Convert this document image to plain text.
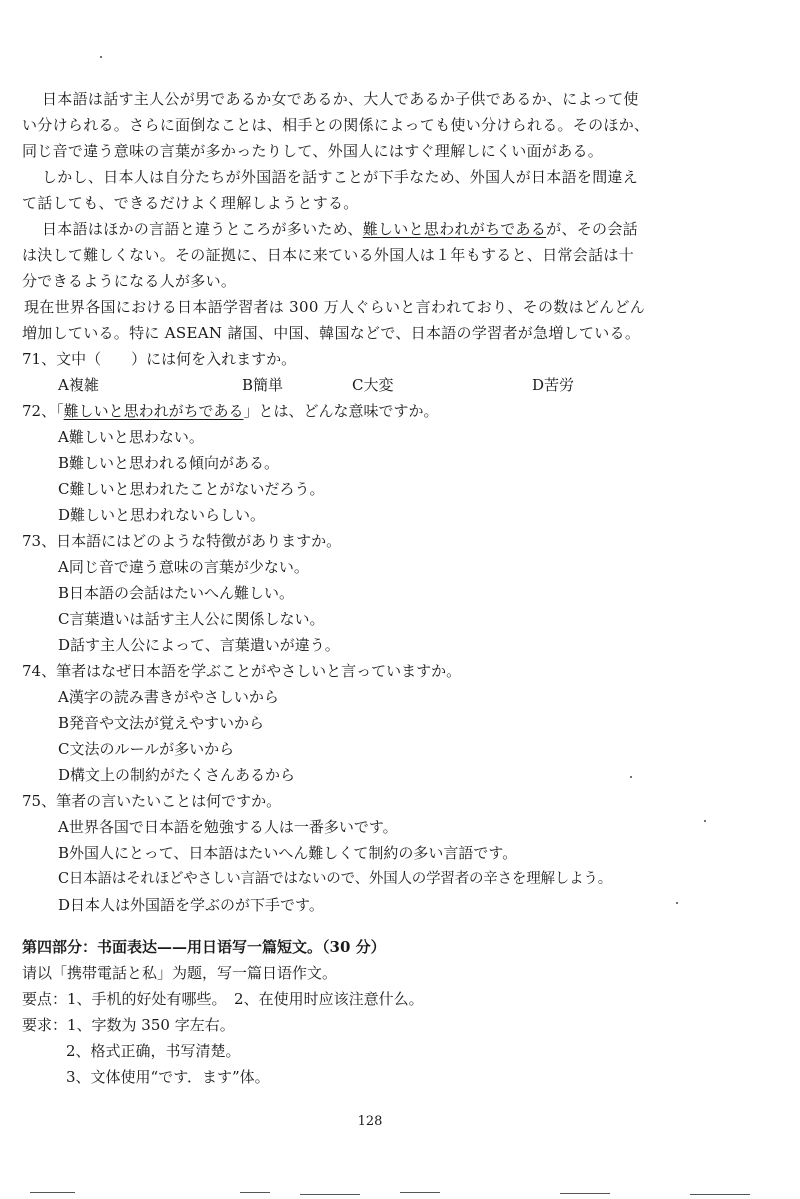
日本語は話す主人公が男であるか女であるか、大人であるか子供であるか、によって使
い分けられる。さらに面倒なことは、相手との関係によっても使い分けられる。そのほか、
同じ音で違う意味の言葉が多かったりして、外国人にはすぐ理解しにくい面がある。
しかし、日本人は自分たちが外国語を話すことが下手なため、外国人が日本語を間違え
て話しても、できるだけよく理解しようとする。
日本語はほかの言語と違うところが多いため、難しいと思われがちであるが、その会話
は決して難しくない。その証拠に、日本に来ている外国人は１年もすると、日常会話は十
分できるようになる人が多い。
現在世界各国における日本語学習者は 300 万人ぐらいと言われており、その数はどんどん
増加している。特に ASEAN 諸国、中国、韓国などで、日本語の学習者が急増している。
71、文中（　　）には何を入れますか。
A複雑	B簡単	C大変	D苦労
72、「難しいと思われがちである」とは、どんな意味ですか。
A難しいと思わない。
B難しいと思われる傾向がある。
C難しいと思われたことがないだろう。
D難しいと思われないらしい。
73、日本語にはどのような特徴がありますか。
A同じ音で違う意味の言葉が少ない。
B日本語の会話はたいへん難しい。
C言葉遣いは話す主人公に関係しない。
D話す主人公によって、言葉遣いが違う。
74、筆者はなぜ日本語を学ぶことがやさしいと言っていますか。
A漢字の読み書きがやさしいから
B発音や文法が覚えやすいから
C文法のルールが多いから
D構文上の制約がたくさんあるから
75、筆者の言いたいことは何ですか。
A世界各国で日本語を勉強する人は一番多いです。
B外国人にとって、日本語はたいへん難しくて制約の多い言語です。
C日本語はそれほどやさしい言語ではないので、外国人の学習者の辛さを理解しよう。
D日本人は外国語を学ぶのが下手です。
第四部分：书面表达——用日语写一篇短文。（30 分）
请以「携帯電話と私」为题，写一篇日语作文。
要点：1、手机的好处有哪些。　2、在使用时应该注意什么。
要求：1、字数为 350 字左右。
2、格式正确，书写清楚。
3、文体使用“です．ます”体。
128
